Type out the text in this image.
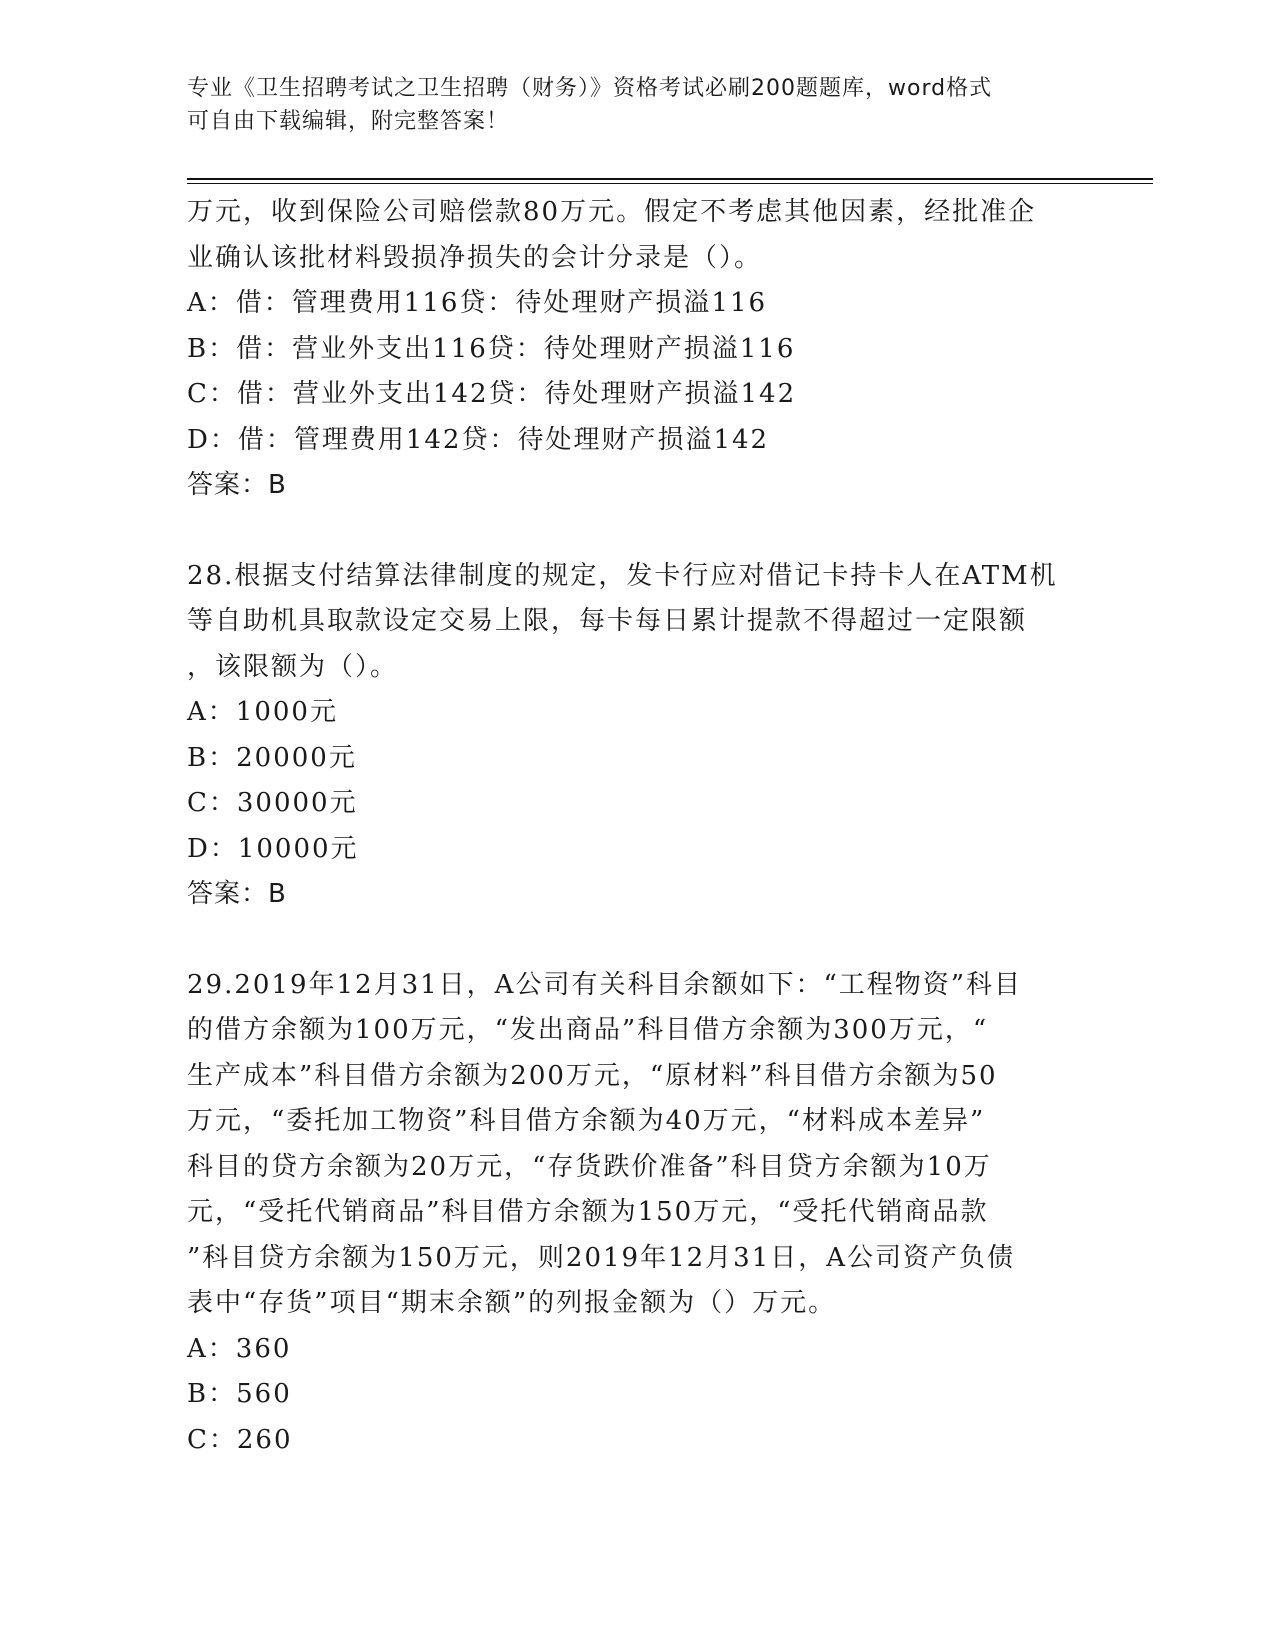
专业《卫生招聘考试之卫生招聘（财务）》资格考试必刷200题题库，word格式
可自由下载编辑，附完整答案！
万元，收到保险公司赔偿款80万元。假定不考虑其他因素，经批准企
业确认该批材料毁损净损失的会计分录是（）。
A：借：管理费用116贷：待处理财产损溢116
B：借：营业外支出116贷：待处理财产损溢116
C：借：营业外支出142贷：待处理财产损溢142
D：借：管理费用142贷：待处理财产损溢142
答案：B
28.根据支付结算法律制度的规定，发卡行应对借记卡持卡人在ATM机
等自助机具取款设定交易上限，每卡每日累计提款不得超过一定限额
，该限额为（）。
A：1000元
B：20000元
C：30000元
D：10000元
答案：B
29.2019年12月31日，A公司有关科目余额如下：“工程物资”科目
的借方余额为100万元，“发出商品”科目借方余额为300万元，“
生产成本”科目借方余额为200万元，“原材料”科目借方余额为50
万元，“委托加工物资”科目借方余额为40万元，“材料成本差异”
科目的贷方余额为20万元，“存货跌价准备”科目贷方余额为10万
元，“受托代销商品”科目借方余额为150万元，“受托代销商品款
”科目贷方余额为150万元，则2019年12月31日，A公司资产负债
表中“存货”项目“期末余额”的列报金额为（）万元。
A：360
B：560
C：260
